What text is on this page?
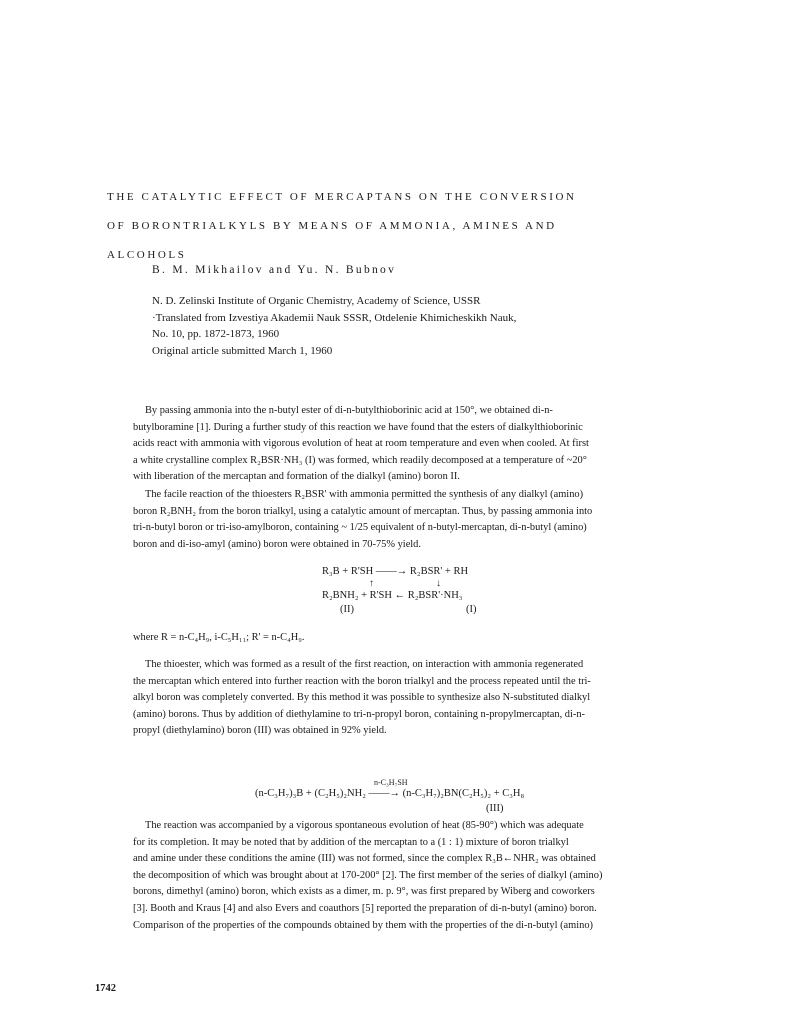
THE CATALYTIC EFFECT OF MERCAPTANS ON THE CONVERSION
OF BORONTRIALKYLS BY MEANS OF AMMONIA, AMINES AND
ALCOHOLS
B. M. Mikhailov and Yu. N. Bubnov
N. D. Zelinski Institute of Organic Chemistry, Academy of Science, USSR
·Translated from Izvestiya Akademii Nauk SSSR, Otdelenie Khimicheskikh Nauk,
No. 10, pp. 1872-1873, 1960
Original article submitted March 1, 1960
By passing ammonia into the n-butyl ester of di-n-butylthioborinic acid at 150°, we obtained di-n-
butylboramine [1]. During a further study of this reaction we have found that the esters of dialkylthioborinic
acids react with ammonia with vigorous evolution of heat at room temperature and even when cooled. At first
a white crystalline complex R₂BSR·NH₃ (I) was formed, which readily decomposed at a temperature of ~20°
with liberation of the mercaptan and formation of the dialkyl (amino) boron II.
The facile reaction of the thioesters R₂BSR' with ammonia permitted the synthesis of any dialkyl (amino)
boron R₂BNH₂ from the boron trialkyl, using a catalytic amount of mercaptan. Thus, by passing ammonia into
tri-n-butyl boron or tri-iso-amylboron, containing ~ 1/25 equivalent of n-butyl-mercaptan, di-n-butyl (amino)
boron and di-iso-amyl (amino) boron were obtained in 70-75% yield.
R₃B + R'SH ——→ R₂BSR' + RH
↑	↓
R₂BNH₂ + R'SH ← R₂BSR'·NH₃
(II)	(I)
where R = n-C₄H₉, i-C₅H₁₁; R' = n-C₄H₉.
The thioester, which was formed as a result of the first reaction, on interaction with ammonia regenerated
the mercaptan which entered into further reaction with the boron trialkyl and the process repeated until the tri-
alkyl boron was completely converted. By this method it was possible to synthesize also N-substituted dialkyl
(amino) borons. Thus by addition of diethylamine to tri-n-propyl boron, containing n-propylmercaptan, di-n-
propyl (diethylamino) boron (III) was obtained in 92% yield.
n-C₃H₇SH
(n-C₃H₇)₃B + (C₂H₅)₂NH₂ ——→ (n-C₃H₇)₂BN(C₂H₅)₂ + C₃H₈
(III)
The reaction was accompanied by a vigorous spontaneous evolution of heat (85-90°) which was adequate
for its completion. It may be noted that by addition of the mercaptan to a (1 : 1) mixture of boron trialkyl
and amine under these conditions the amine (III) was not formed, since the complex R₃B←NHR₂ was obtained
the decomposition of which was brought about at 170-200° [2]. The first member of the series of dialkyl (amino)
borons, dimethyl (amino) boron, which exists as a dimer, m. p. 9°, was first prepared by Wiberg and coworkers
[3]. Booth and Kraus [4] and also Evers and coauthors [5] reported the preparation of di-n-butyl (amino) boron.
Comparison of the properties of the compounds obtained by them with the properties of the di-n-butyl (amino)
1742
